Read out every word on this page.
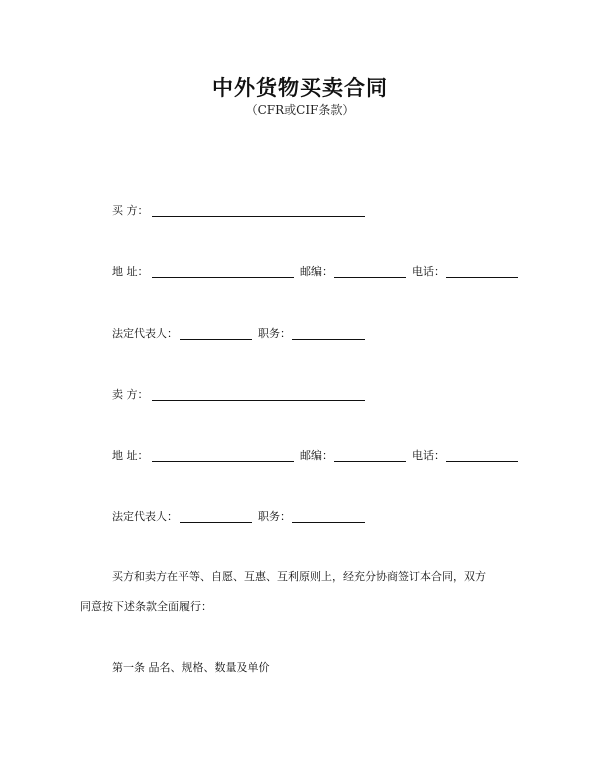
中外货物买卖合同
（CFR或CIF条款）
买 方：
地 址：	邮编：	电话：
法定代表人：	职务：
卖 方：
地 址：	邮编：	电话：
法定代表人：	职务：
买方和卖方在平等、自愿、互惠、互利原则上，经充分协商签订本合同，双方
同意按下述条款全面履行：
第一条 品名、规格、数量及单价
